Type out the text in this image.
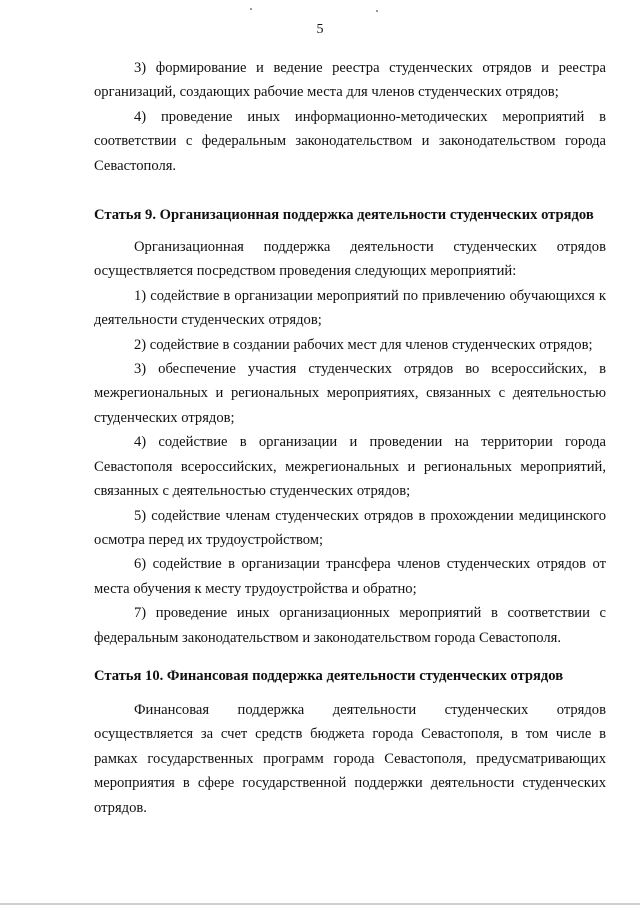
5

3) формирование и ведение реестра студенческих отрядов и реестра организаций, создающих рабочие места для членов студенческих отрядов;

4) проведение иных информационно-методических мероприятий в соответствии с федеральным законодательством и законодательством города Севастополя.

Статья 9. Организационная поддержка деятельности студенческих отрядов

Организационная поддержка деятельности студенческих отрядов осуществляется посредством проведения следующих мероприятий:

1) содействие в организации мероприятий по привлечению обучающихся к деятельности студенческих отрядов;

2) содействие в создании рабочих мест для членов студенческих отрядов;

3) обеспечение участия студенческих отрядов во всероссийских, в межрегиональных и региональных мероприятиях, связанных с деятельностью студенческих отрядов;

4) содействие в организации и проведении на территории города Севастополя всероссийских, межрегиональных и региональных мероприятий, связанных с деятельностью студенческих отрядов;

5) содействие членам студенческих отрядов в прохождении медицинского осмотра перед их трудоустройством;

6) содействие в организации трансфера членов студенческих отрядов от места обучения к месту трудоустройства и обратно;

7) проведение иных организационных мероприятий в соответствии с федеральным законодательством и законодательством города Севастополя.

Статья 10. Финансовая поддержка деятельности студенческих отрядов

Финансовая поддержка деятельности студенческих отрядов осуществляется за счет средств бюджета города Севастополя, в том числе в рамках государственных программ города Севастополя, предусматривающих мероприятия в сфере государственной поддержки деятельности студенческих отрядов.
